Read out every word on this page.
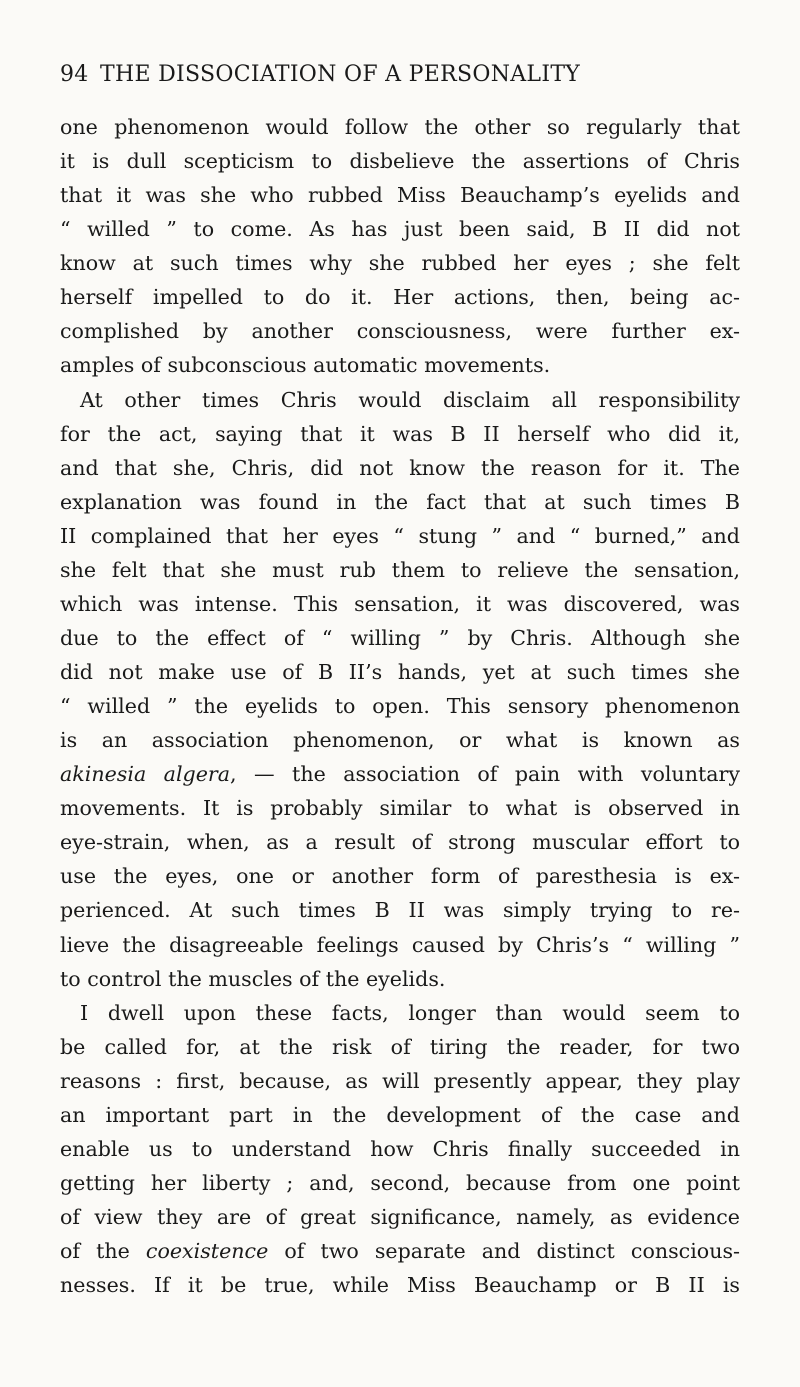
94 THE DISSOCIATION OF A PERSONALITY
one phenomenon would follow the other so regularly that
it is dull scepticism to disbelieve the assertions of Chris
that it was she who rubbed Miss Beauchamp’s eyelids and
“ willed ” to come. As has just been said, B II did not
know at such times why she rubbed her eyes ; she felt
herself impelled to do it. Her actions, then, being ac-
complished by another consciousness, were further ex-
amples of subconscious automatic movements.
At other times Chris would disclaim all responsibility
for the act, saying that it was B II herself who did it,
and that she, Chris, did not know the reason for it. The
explanation was found in the fact that at such times B
II complained that her eyes “ stung ” and “ burned,” and
she felt that she must rub them to relieve the sensation,
which was intense. This sensation, it was discovered, was
due to the effect of “ willing ” by Chris. Although she
did not make use of B II’s hands, yet at such times she
“ willed ” the eyelids to open. This sensory phenomenon
is an association phenomenon, or what is known as
akinesia algera, — the association of pain with voluntary
movements. It is probably similar to what is observed in
eye-strain, when, as a result of strong muscular effort to
use the eyes, one or another form of paresthesia is ex-
perienced. At such times B II was simply trying to re-
lieve the disagreeable feelings caused by Chris’s “ willing ”
to control the muscles of the eyelids.
I dwell upon these facts, longer than would seem to
be called for, at the risk of tiring the reader, for two
reasons : first, because, as will presently appear, they play
an important part in the development of the case and
enable us to understand how Chris finally succeeded in
getting her liberty ; and, second, because from one point
of view they are of great significance, namely, as evidence
of the coexistence of two separate and distinct conscious-
nesses. If it be true, while Miss Beauchamp or B II is
